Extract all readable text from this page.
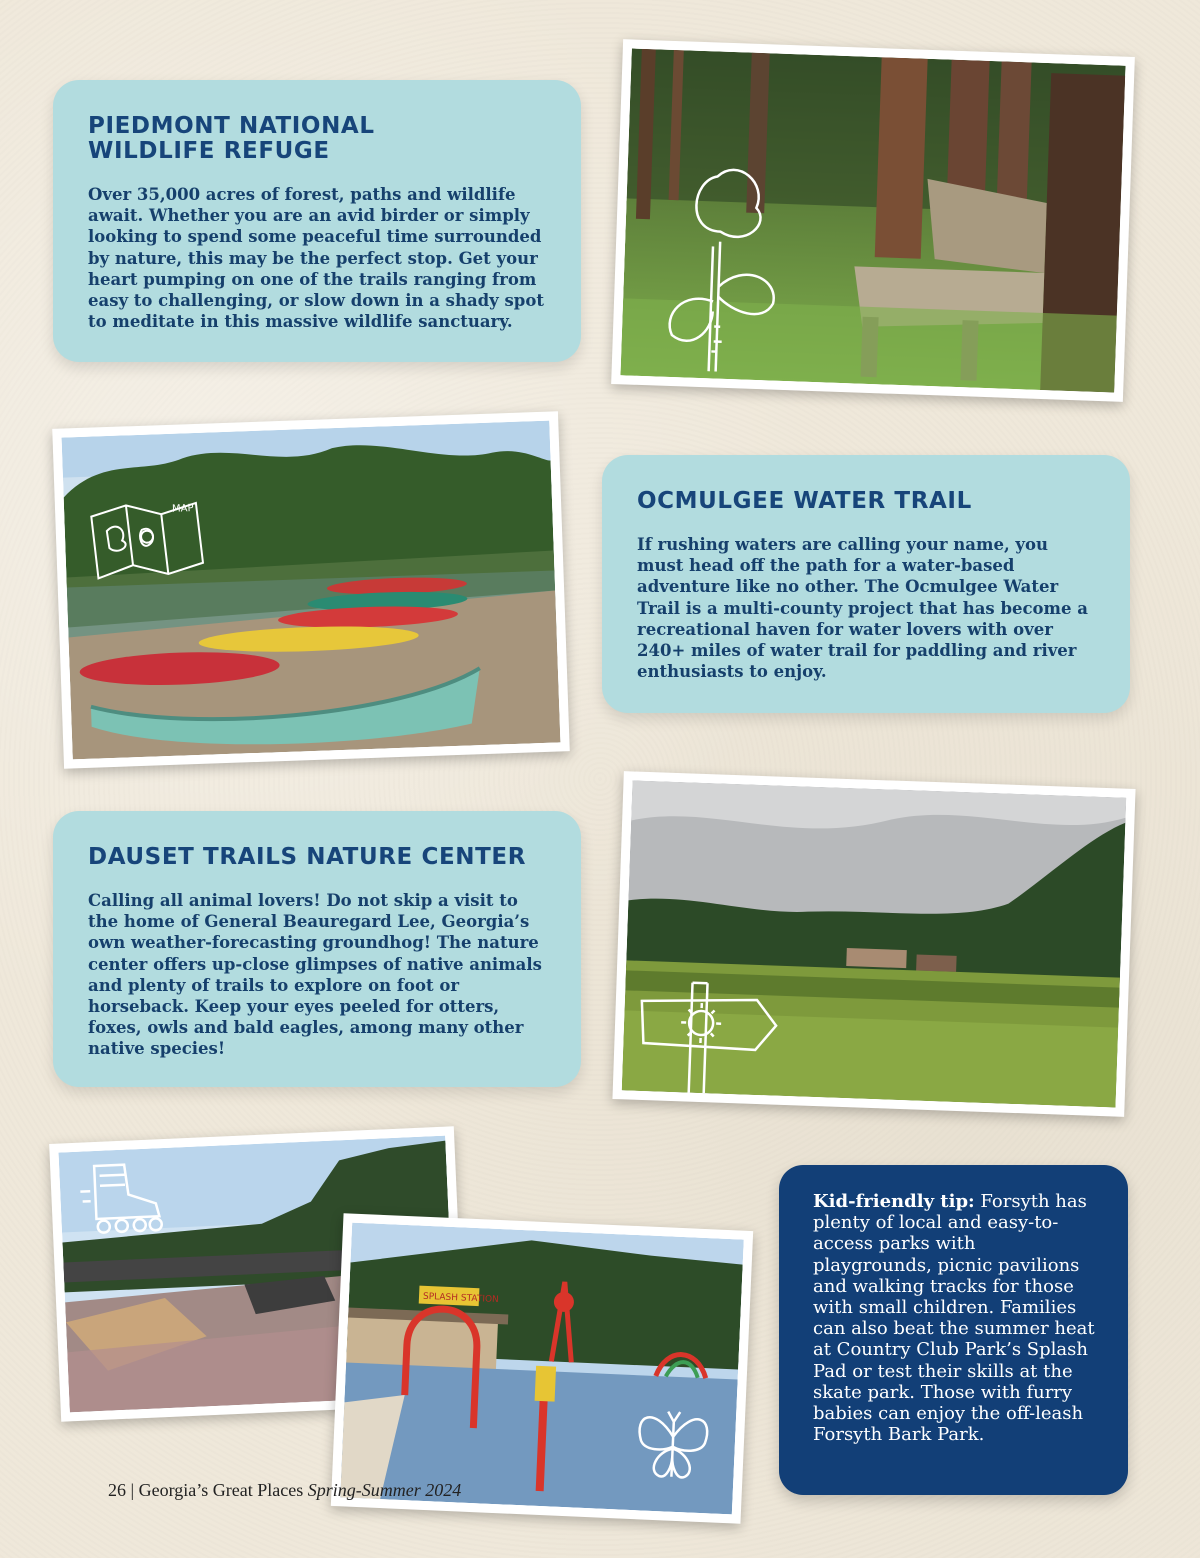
PIEDMONT NATIONAL WILDLIFE REFUGE

Over 35,000 acres of forest, paths and wildlife await. Whether you are an avid birder or simply looking to spend some peaceful time surrounded by nature, this may be the perfect stop. Get your heart pumping on one of the trails ranging from easy to challenging, or slow down in a shady spot to meditate in this massive wildlife sanctuary.

MAP	OCMULGEE WATER TRAIL

If rushing waters are calling your name, you must head off the path for a water-based adventure like no other. The Ocmulgee Water Trail is a multi-county project that has become a recreational haven for water lovers with over 240+ miles of water trail for paddling and river enthusiasts to enjoy.

DAUSET TRAILS NATURE CENTER

Calling all animal lovers! Do not skip a visit to the home of General Beauregard Lee, Georgia’s own weather-forecasting groundhog! The nature center offers up-close glimpses of native animals and plenty of trails to explore on foot or horseback. Keep your eyes peeled for otters, foxes, owls and bald eagles, among many other native species!

SPLASH STATION

Kid-friendly tip: Forsyth has plenty of local and easy-to-access parks with playgrounds, picnic pavilions and walking tracks for those with small children. Families can also beat the summer heat at Country Club Park’s Splash Pad or test their skills at the skate park. Those with furry babies can enjoy the off-leash Forsyth Bark Park.

26 | Georgia’s Great Places Spring-Summer 2024
